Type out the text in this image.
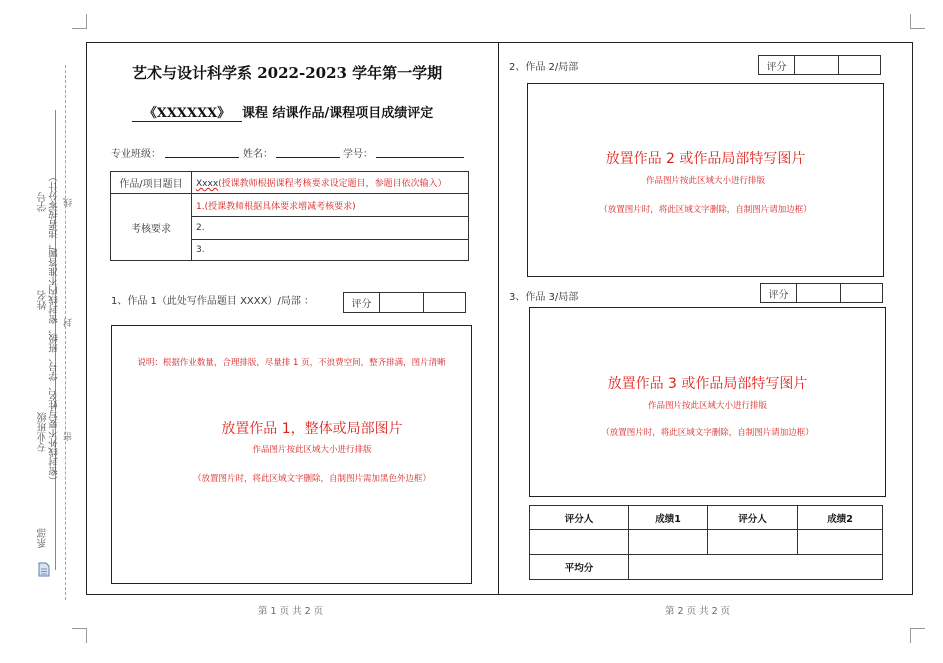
系部
专业班级
姓名
学号 （密封线外不要写姓名、学号、班级，密封线内不准答题，违者按零分计） 线
封
密
艺术与设计科学系 2022-2023 学年第一学期
《XXXXXX》 课程 结课作品/课程项目成绩评定
专业班级：	姓名：	学号：
作品/项目题目	Xxxx(授课教师根据课程考核要求设定题目，参题目依次输入）
考核要求	1.(授课教师根据具体要求增减考核要求)
	2.
	3.
1、作品 1（此处写作品题目 XXXX）/局部 ：	评分		
说明：根据作业数量，合理排版，尽量排 1 页，不浪费空间，整齐排满，图片清晰
放置作品 1，整体或局部图片
作品图片按此区域大小进行排版
（放置图片时，将此区域文字删除，自制图片需加黑色外边框）
第 1 页 共 2 页
2、作品 2/局部	评分		
放置作品 2 或作品局部特写图片
作品图片按此区域大小进行排版
（放置图片时，将此区域文字删除，自制图片请加边框）
3、作品 3/局部	评分		
放置作品 3 或作品局部特写图片
作品图片按此区域大小进行排版
（放置图片时，将此区域文字删除，自制图片请加边框）
评分人	成绩1	评分人	成绩2

平均分			
第 2 页 共 2 页
